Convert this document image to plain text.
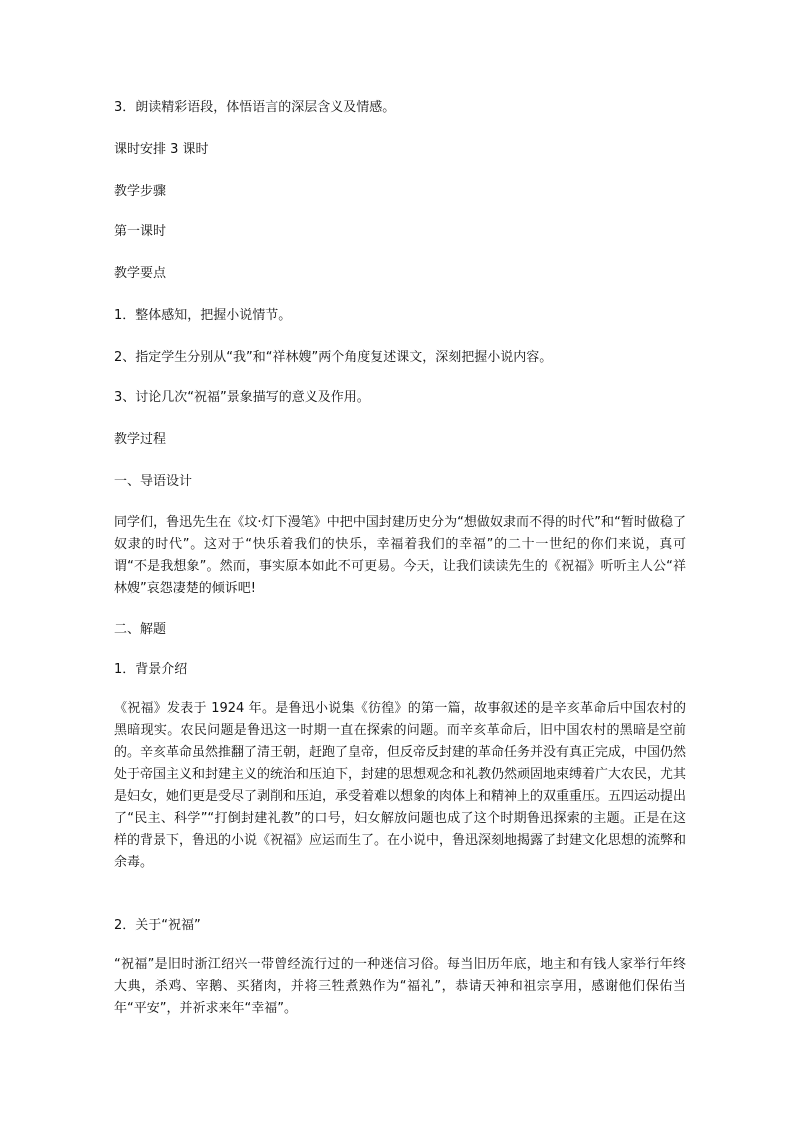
3．朗读精彩语段，体悟语言的深层含义及情感。

课时安排 3 课时

教学步骤

第一课时

教学要点

1．整体感知，把握小说情节。

2、指定学生分别从“我”和“祥林嫂”两个角度复述课文，深刻把握小说内容。

3、讨论几次“祝福”景象描写的意义及作用。

教学过程

一、导语设计

同学们，鲁迅先生在《坟·灯下漫笔》中把中国封建历史分为“想做奴隶而不得的时代”和“暂时做稳了奴隶的时代”。这对于“快乐着我们的快乐，幸福着我们的幸福”的二十一世纪的你们来说，真可谓“不是我想象”。然而，事实原本如此不可更易。今天，让我们读读先生的《祝福》听听主人公“祥林嫂”哀怨凄楚的倾诉吧!

二、解题

1．背景介绍

《祝福》发表于 1924 年。是鲁迅小说集《彷徨》的第一篇，故事叙述的是辛亥革命后中国农村的黑暗现实。农民问题是鲁迅这一时期一直在探索的问题。而辛亥革命后，旧中国农村的黑暗是空前的。辛亥革命虽然推翻了清王朝，赶跑了皇帝，但反帝反封建的革命任务并没有真正完成，中国仍然处于帝国主义和封建主义的统治和压迫下，封建的思想观念和礼教仍然顽固地束缚着广大农民，尤其是妇女，她们更是受尽了剥削和压迫，承受着难以想象的肉体上和精神上的双重重压。五四运动提出了“民主、科学”“打倒封建礼教”的口号，妇女解放问题也成了这个时期鲁迅探索的主题。正是在这样的背景下，鲁迅的小说《祝福》应运而生了。在小说中，鲁迅深刻地揭露了封建文化思想的流弊和余毒。

2．关于“祝福”

“祝福”是旧时浙江绍兴一带曾经流行过的一种迷信习俗。每当旧历年底，地主和有钱人家举行年终大典，杀鸡、宰鹅、买猪肉，并将三牲煮熟作为“福礼”，恭请天神和祖宗享用，感谢他们保佑当年“平安”，并祈求来年“幸福”。
